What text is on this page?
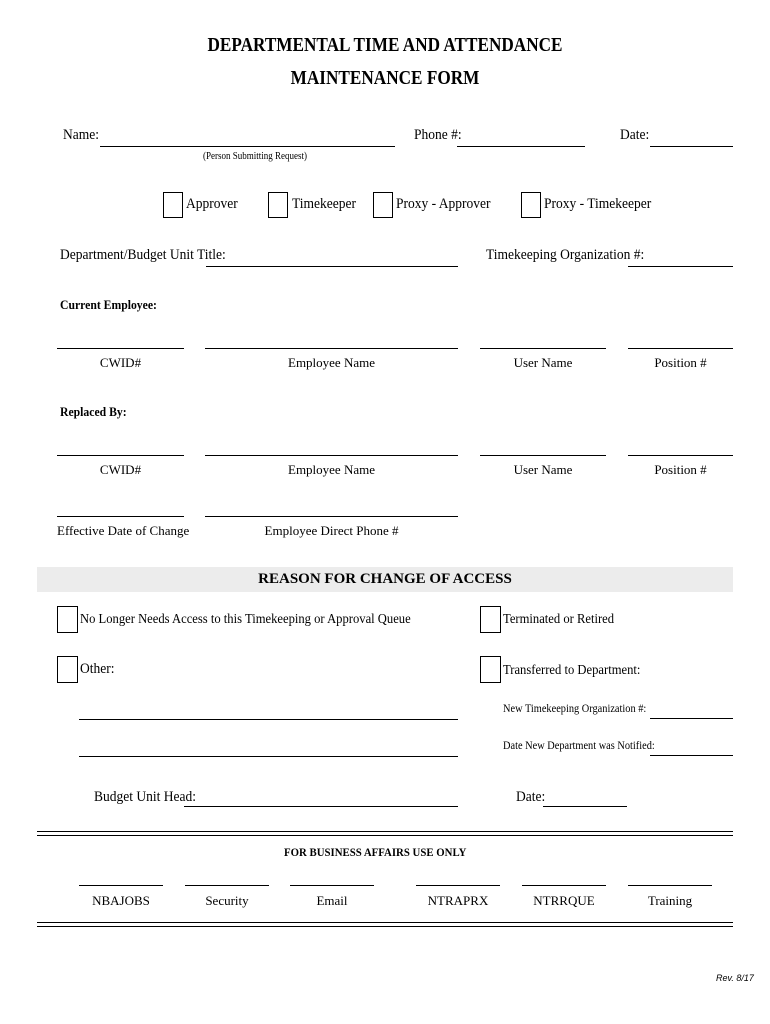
DEPARTMENTAL TIME AND ATTENDANCE
MAINTENANCE FORM
Name:
(Person Submitting Request)
Phone #:	Date:
Approver	Timekeeper	Proxy - Approver	Proxy - Timekeeper
Department/Budget Unit Title:	Timekeeping Organization #:
Current Employee:
CWID#	Employee Name	User Name	Position #
Replaced By:
CWID#	Employee Name	User Name	Position #
Effective Date of Change	Employee Direct Phone #
REASON FOR CHANGE OF ACCESS
No Longer Needs Access to this Timekeeping or Approval Queue	Terminated or Retired
Other:	Transferred to Department:
New Timekeeping Organization #:
Date New Department was Notified:
Budget Unit Head:	Date:
FOR BUSINESS AFFAIRS USE ONLY
NBAJOBS	Security	Email	NTRAPRX	NTRRQUE	Training
Rev. 8/17
